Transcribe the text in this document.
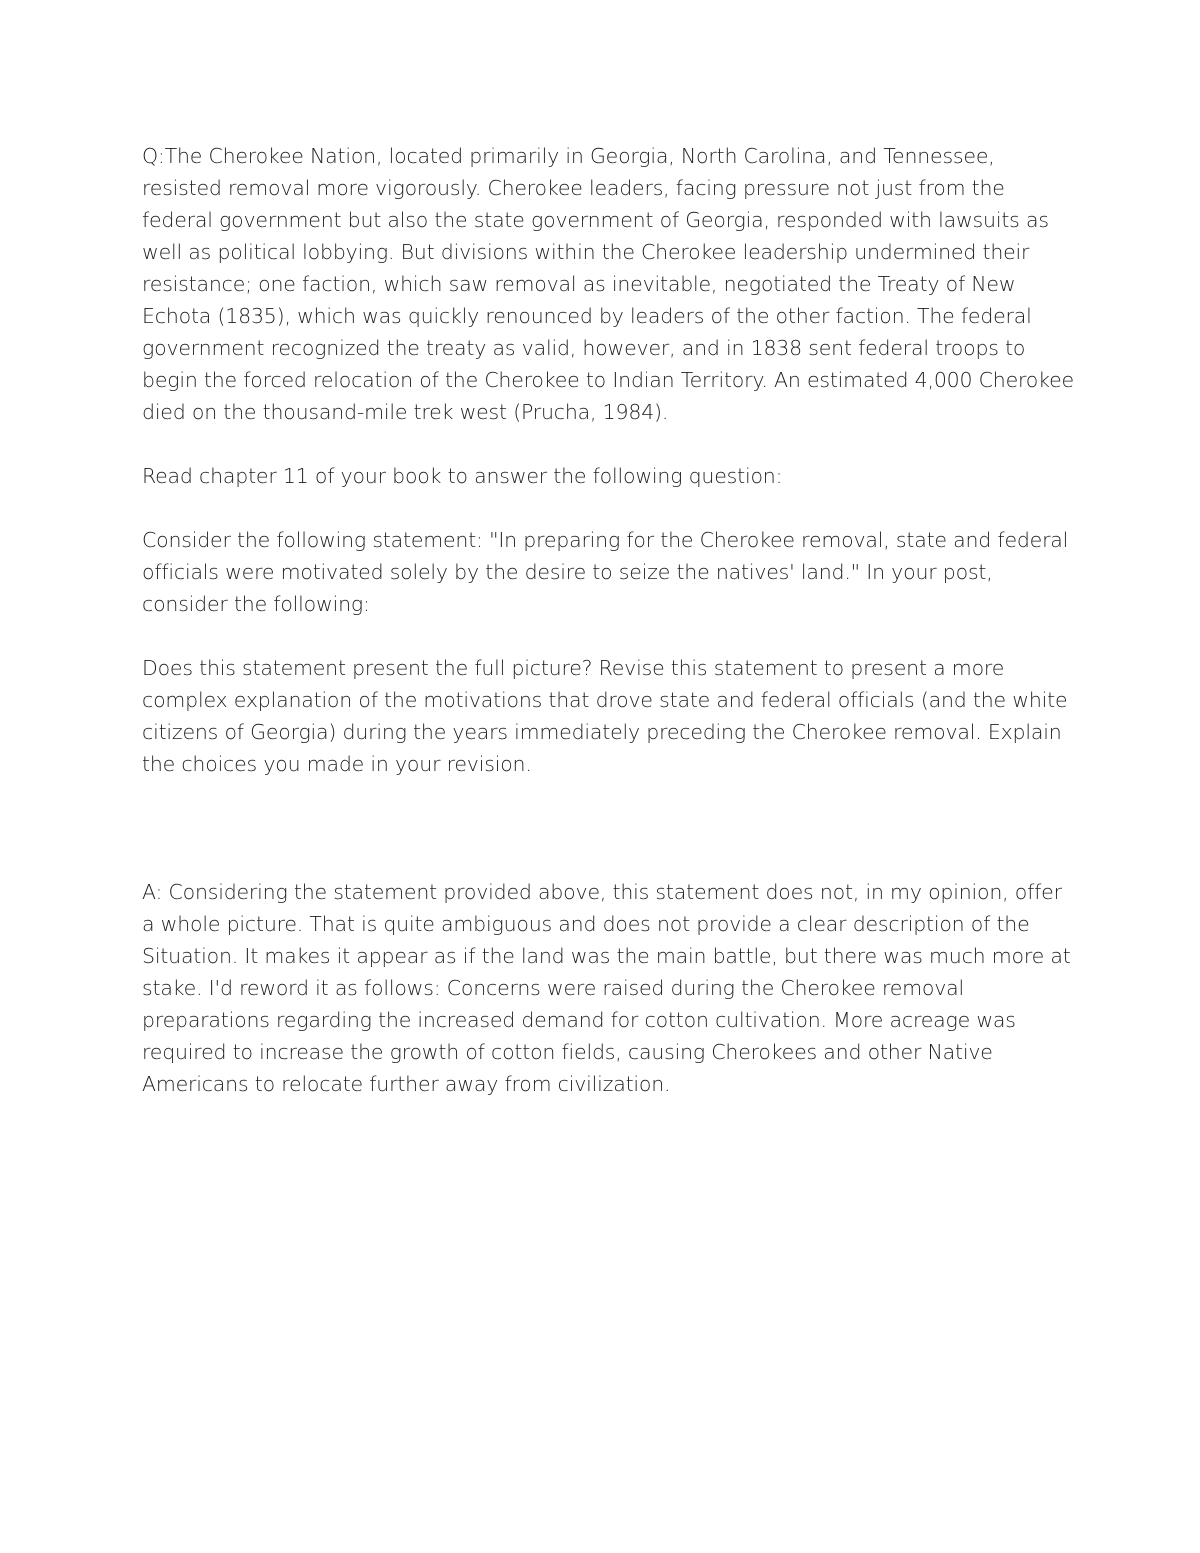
Q:The Cherokee Nation, located primarily in Georgia, North Carolina, and Tennessee, resisted removal more vigorously. Cherokee leaders, facing pressure not just from the federal government but also the state government of Georgia, responded with lawsuits as well as political lobbying. But divisions within the Cherokee leadership undermined their resistance; one faction, which saw removal as inevitable, negotiated the Treaty of New Echota (1835), which was quickly renounced by leaders of the other faction. The federal government recognized the treaty as valid, however, and in 1838 sent federal troops to begin the forced relocation of the Cherokee to Indian Territory. An estimated 4,000 Cherokee died on the thousand-mile trek west (Prucha, 1984).

Read chapter 11 of your book to answer the following question:

Consider the following statement: "In preparing for the Cherokee removal, state and federal officials were motivated solely by the desire to seize the natives' land." In your post, consider the following:

Does this statement present the full picture? Revise this statement to present a more complex explanation of the motivations that drove state and federal officials (and the white citizens of Georgia) during the years immediately preceding the Cherokee removal. Explain the choices you made in your revision.

A: Considering the statement provided above, this statement does not, in my opinion, offer a whole picture. That is quite ambiguous and does not provide a clear description of the Situation. It makes it appear as if the land was the main battle, but there was much more at stake. I'd reword it as follows: Concerns were raised during the Cherokee removal preparations regarding the increased demand for cotton cultivation. More acreage was required to increase the growth of cotton fields, causing Cherokees and other Native Americans to relocate further away from civilization.
